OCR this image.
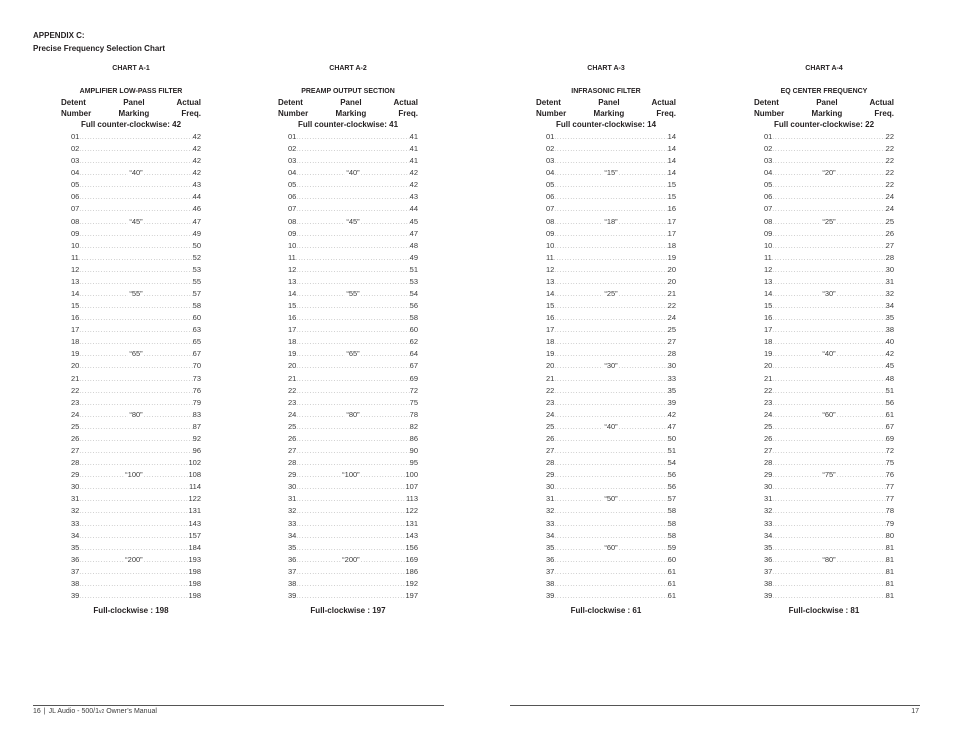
APPENDIX C:
Precise Frequency Selection Chart
CHART A-1
AMPLIFIER LOW-PASS FILTER
Detent
Number
Panel
Marking
Actual
Freq.
Full counter-clockwise: 42
01 .....	42
02 .....	42
03 .....	42
04 .....	“40” .....	42
05 .....	43
06 .....	44
07 .....	46
08 .....	“45” .....	47
09 .....	49
10 .....	50
11 .....	52
12 .....	53
13 .....	55
14 .....	“55” .....	57
15 .....	58
16 .....	60
17 .....	63
18 .....	65
19 .....	“65” .....	67
20 .....	70
21 .....	73
22 .....	76
23 .....	79
24 .....	“80” .....	83
25 .....	87
26 .....	92
27 .....	96
28 .....	102
29 .....	“100” .....	108
30 .....	114
31 .....	122
32 .....	131
33 .....	143
34 .....	157
35 .....	184
36 .....	“200” .....	193
37 .....	198
38 .....	198
39 .....	198
Full-clockwise : 198
CHART A-2
PREAMP OUTPUT SECTION
Detent
Number
Panel
Marking
Actual
Freq.
Full counter-clockwise: 41
01 .....	41
02 .....	41
03 .....	41
04 .....	“40” .....	42
05 .....	42
06 .....	43
07 .....	44
08 .....	“45” .....	45
09 .....	47
10 .....	48
11 .....	49
12 .....	51
13 .....	53
14 .....	“55” .....	54
15 .....	56
16 .....	58
17 .....	60
18 .....	62
19 .....	“65” .....	64
20 .....	67
21 .....	69
22 .....	72
23 .....	75
24 .....	“80” .....	78
25 .....	82
26 .....	86
27 .....	90
28 .....	95
29 .....	“100” .....	100
30 .....	107
31 .....	113
32 .....	122
33 .....	131
34 .....	143
35 .....	156
36 .....	“200” .....	169
37 .....	186
38 .....	192
39 .....	197
Full-clockwise : 197
CHART A-3
INFRASONIC FILTER
Detent
Number
Panel
Marking
Actual
Freq.
Full counter-clockwise: 14
01 .....	14
02 .....	14
03 .....	14
04 .....	“15” .....	14
05 .....	15
06 .....	15
07 .....	16
08 .....	“18” .....	17
09 .....	17
10 .....	18
11 .....	19
12 .....	20
13 .....	20
14 .....	“25” .....	21
15 .....	22
16 .....	24
17 .....	25
18 .....	27
19 .....	28
20 .....	“30” .....	30
21 .....	33
22 .....	35
23 .....	39
24 .....	42
25 .....	“40” .....	47
26 .....	50
27 .....	51
28 .....	54
29 .....	56
30 .....	56
31 .....	“50” .....	57
32 .....	58
33 .....	58
34 .....	58
35 .....	“60” .....	59
36 .....	60
37 .....	61
38 .....	61
39 .....	61
Full-clockwise : 61
CHART A-4
EQ CENTER FREQUENCY
Detent
Number
Panel
Marking
Actual
Freq.
Full counter-clockwise: 22
01 .....	22
02 .....	22
03 .....	22
04 .....	“20” .....	22
05 .....	22
06 .....	24
07 .....	24
08 .....	“25” .....	25
09 .....	26
10 .....	27
11 .....	28
12 .....	30
13 .....	31
14 .....	“30” .....	32
15 .....	34
16 .....	35
17 .....	38
18 .....	40
19 .....	“40” .....	42
20 .....	45
21 .....	48
22 .....	51
23 .....	56
24 .....	“60” .....	61
25 .....	67
26 .....	69
27 .....	72
28 .....	75
29 .....	“75” .....	76
30 .....	77
31 .....	77
32 .....	78
33 .....	79
34 .....	80
35 .....	81
36 .....	“80” .....	81
37 .....	81
38 .....	81
39 .....	81
Full-clockwise : 81
16 | JL Audio - 500/1v2 Owner’s Manual	17
